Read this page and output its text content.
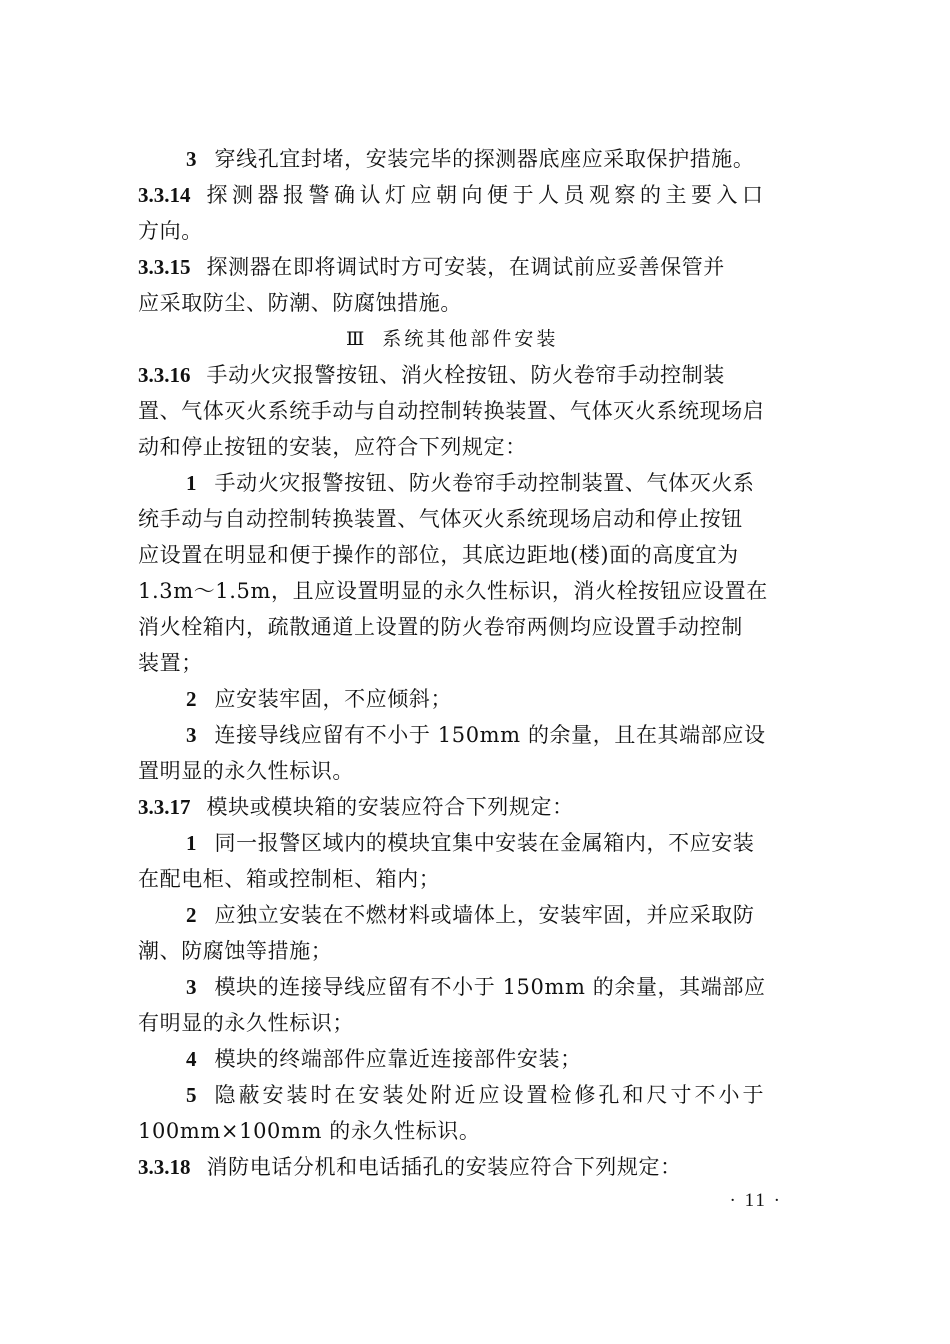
3 穿线孔宜封堵，安装完毕的探测器底座应采取保护措施。
3.3.14 探测器报警确认灯应朝向便于人员观察的主要入口
方向。
3.3.15 探测器在即将调试时方可安装，在调试前应妥善保管并
应采取防尘、防潮、防腐蚀措施。
Ⅲ 系统其他部件安装
3.3.16 手动火灾报警按钮、消火栓按钮、防火卷帘手动控制装
置、气体灭火系统手动与自动控制转换装置、气体灭火系统现场启
动和停止按钮的安装，应符合下列规定：
1 手动火灾报警按钮、防火卷帘手动控制装置、气体灭火系
统手动与自动控制转换装置、气体灭火系统现场启动和停止按钮
应设置在明显和便于操作的部位，其底边距地(楼)面的高度宜为
1.3m～1.5m，且应设置明显的永久性标识，消火栓按钮应设置在
消火栓箱内，疏散通道上设置的防火卷帘两侧均应设置手动控制
装置；
2 应安装牢固，不应倾斜；
3 连接导线应留有不小于 150mm 的余量，且在其端部应设
置明显的永久性标识。
3.3.17 模块或模块箱的安装应符合下列规定：
1 同一报警区域内的模块宜集中安装在金属箱内，不应安装
在配电柜、箱或控制柜、箱内；
2 应独立安装在不燃材料或墙体上，安装牢固，并应采取防
潮、防腐蚀等措施；
3 模块的连接导线应留有不小于 150mm 的余量，其端部应
有明显的永久性标识；
4 模块的终端部件应靠近连接部件安装；
5 隐蔽安装时在安装处附近应设置检修孔和尺寸不小于
100mm×100mm 的永久性标识。
3.3.18 消防电话分机和电话插孔的安装应符合下列规定：
· 11 ·
